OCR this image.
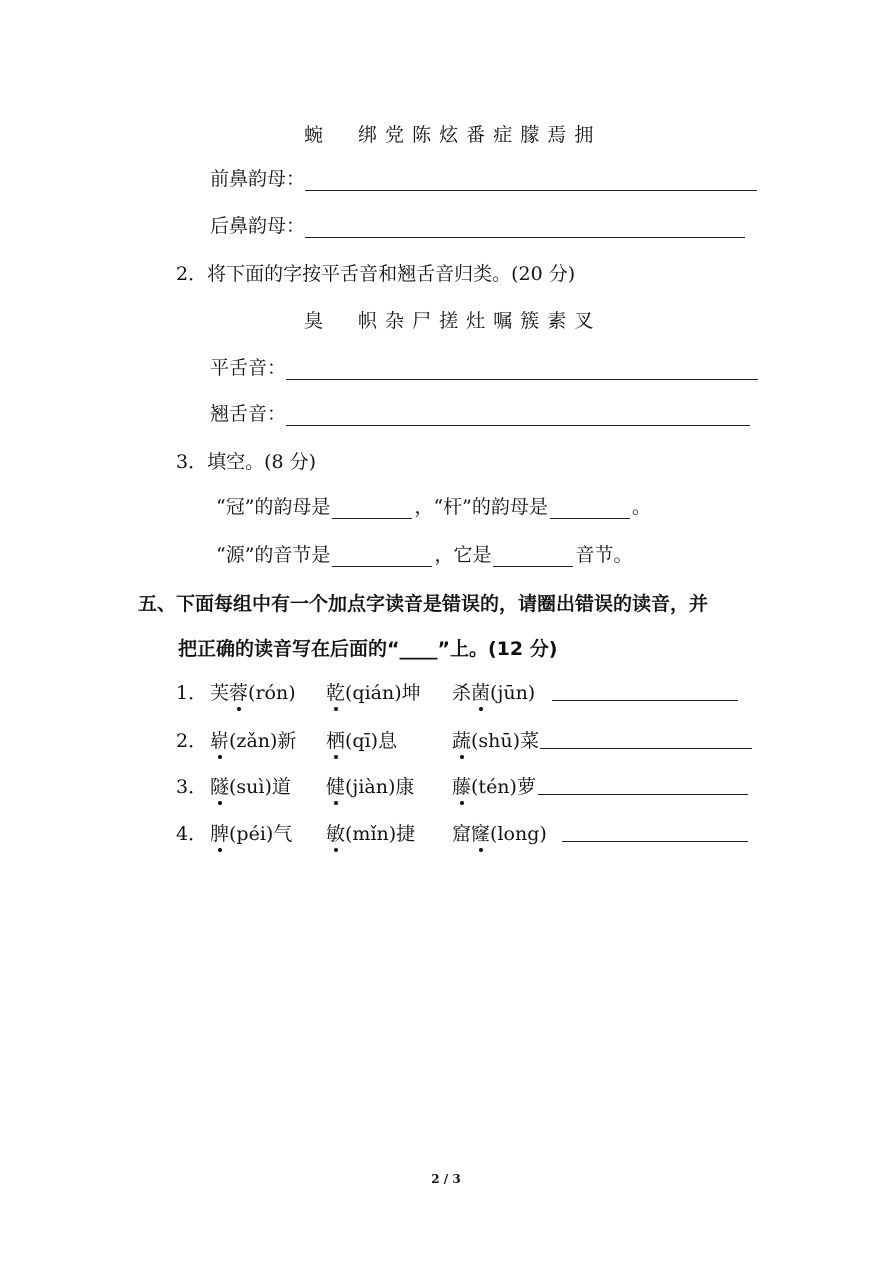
蜿 绑 党 陈 炫 番 症 朦 焉 拥
前鼻韵母：
后鼻韵母：
2．将下面的字按平舌音和翘舌音归类。(20 分)
臭 帜 杂 尸 搓 灶 嘱 簇 素 叉
平舌音：
翘舌音：
3．填空。(8 分)
“冠”的韵母是	，“杆”的韵母是	。
“源”的音节是	，它是	音节。
五、下面每组中有一个加点字读音是错误的，请圈出错误的读音，并
把正确的读音写在后面的“____”上。(12 分)
1． 芙蓉(rón) 乾(qián)坤 杀菌(jūn)
2． 崭(zǎn)新 栖(qī)息	蔬(shū)菜
3． 隧(suì)道 健(jiàn)康 藤(tén)萝
4． 脾(péi)气 敏(mǐn)捷 窟窿(long)
2 / 3
